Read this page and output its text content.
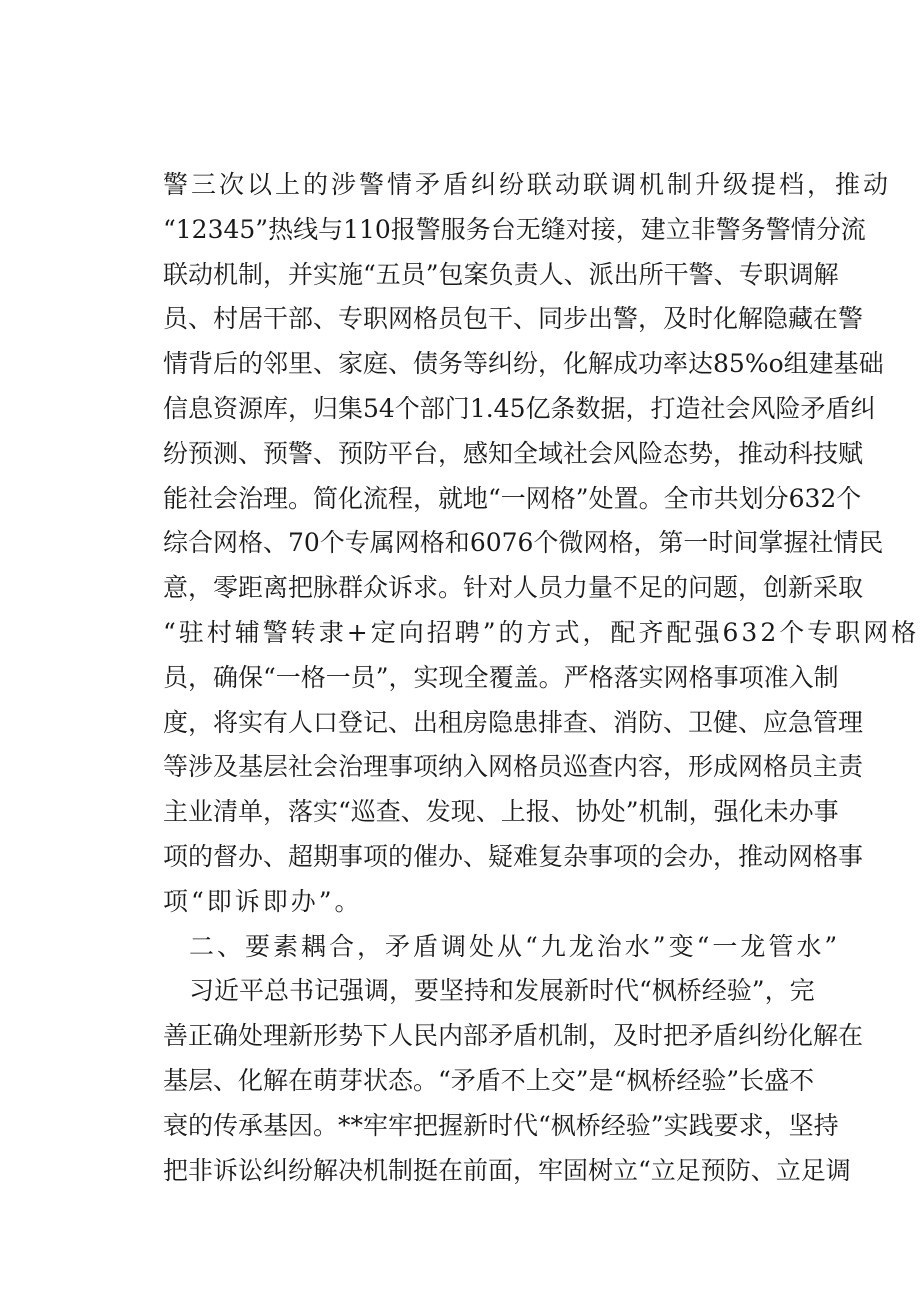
警三次以上的涉警情矛盾纠纷联动联调机制升级提档，推动
“12345”热线与110报警服务台无缝对接，建立非警务警情分流
联动机制，并实施“五员”包案负责人、派出所干警、专职调解
员、村居干部、专职网格员包干、同步出警，及时化解隐藏在警
情背后的邻里、家庭、债务等纠纷，化解成功率达85%o组建基础
信息资源库，归集54个部门1.45亿条数据，打造社会风险矛盾纠
纷预测、预警、预防平台，感知全域社会风险态势，推动科技赋
能社会治理。简化流程，就地“一网格”处置。全市共划分632个
综合网格、70个专属网格和6076个微网格，第一时间掌握社情民
意，零距离把脉群众诉求。针对人员力量不足的问题，创新采取
“驻村辅警转隶+定向招聘”的方式，配齐配强632个专职网格
员，确保“一格一员”，实现全覆盖。严格落实网格事项准入制
度，将实有人口登记、出租房隐患排查、消防、卫健、应急管理
等涉及基层社会治理事项纳入网格员巡查内容，形成网格员主责
主业清单，落实“巡查、发现、上报、协处”机制，强化未办事
项的督办、超期事项的催办、疑难复杂事项的会办，推动网格事
项“即诉即办”。
二、要素耦合，矛盾调处从“九龙治水”变“一龙管水”
习近平总书记强调，要坚持和发展新时代“枫桥经验”，完
善正确处理新形势下人民内部矛盾机制，及时把矛盾纠纷化解在
基层、化解在萌芽状态。“矛盾不上交”是“枫桥经验”长盛不
衰的传承基因。**牢牢把握新时代“枫桥经验”实践要求，坚持
把非诉讼纠纷解决机制挺在前面，牢固树立“立足预防、立足调
